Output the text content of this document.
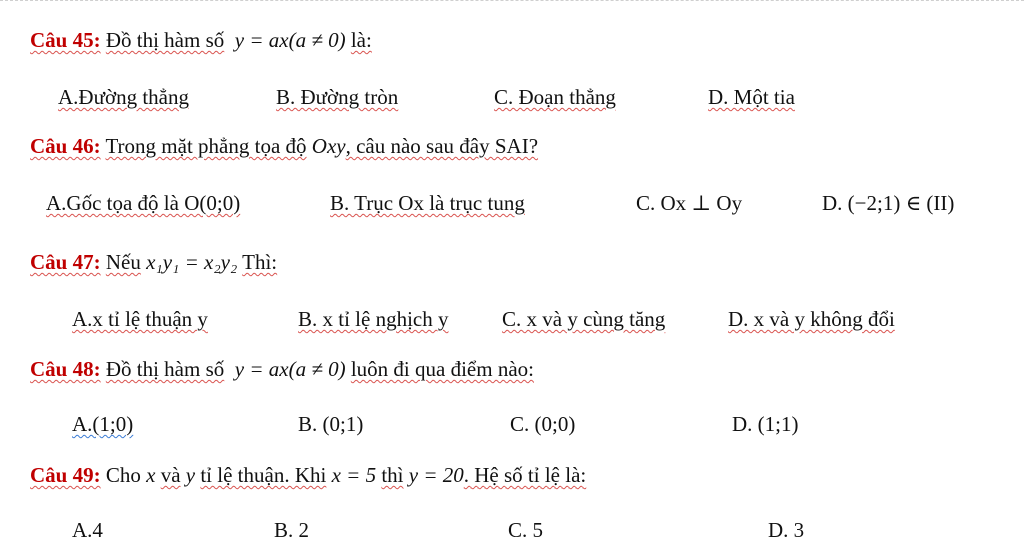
Câu 45: Đồ thị hàm số y = ax(a ≠ 0) là:
A.Đường thẳng	B. Đường tròn	C. Đoạn thẳng	D. Một tia
Câu 46: Trong mặt phẳng tọa độ Oxy, câu nào sau đây SAI?
A.Gốc tọa độ là O(0;0)	B. Trục Ox là trục tung	C. Ox ⊥ Oy	D. (−2;1) ∈ (II)
Câu 47: Nếu x₁y₁ = x₂y₂ Thì:
A.x tỉ lệ thuận y	B. x tỉ lệ nghịch y	C. x và y cùng tăng	D. x và y không đổi
Câu 48: Đồ thị hàm số y = ax(a ≠ 0) luôn đi qua điểm nào:
A.(1;0)	B. (0;1)	C. (0;0)	D. (1;1)
Câu 49: Cho x và y tỉ lệ thuận. Khi x = 5 thì y = 20. Hệ số tỉ lệ là:
A.4	B. 2	C. 5	D. 3
